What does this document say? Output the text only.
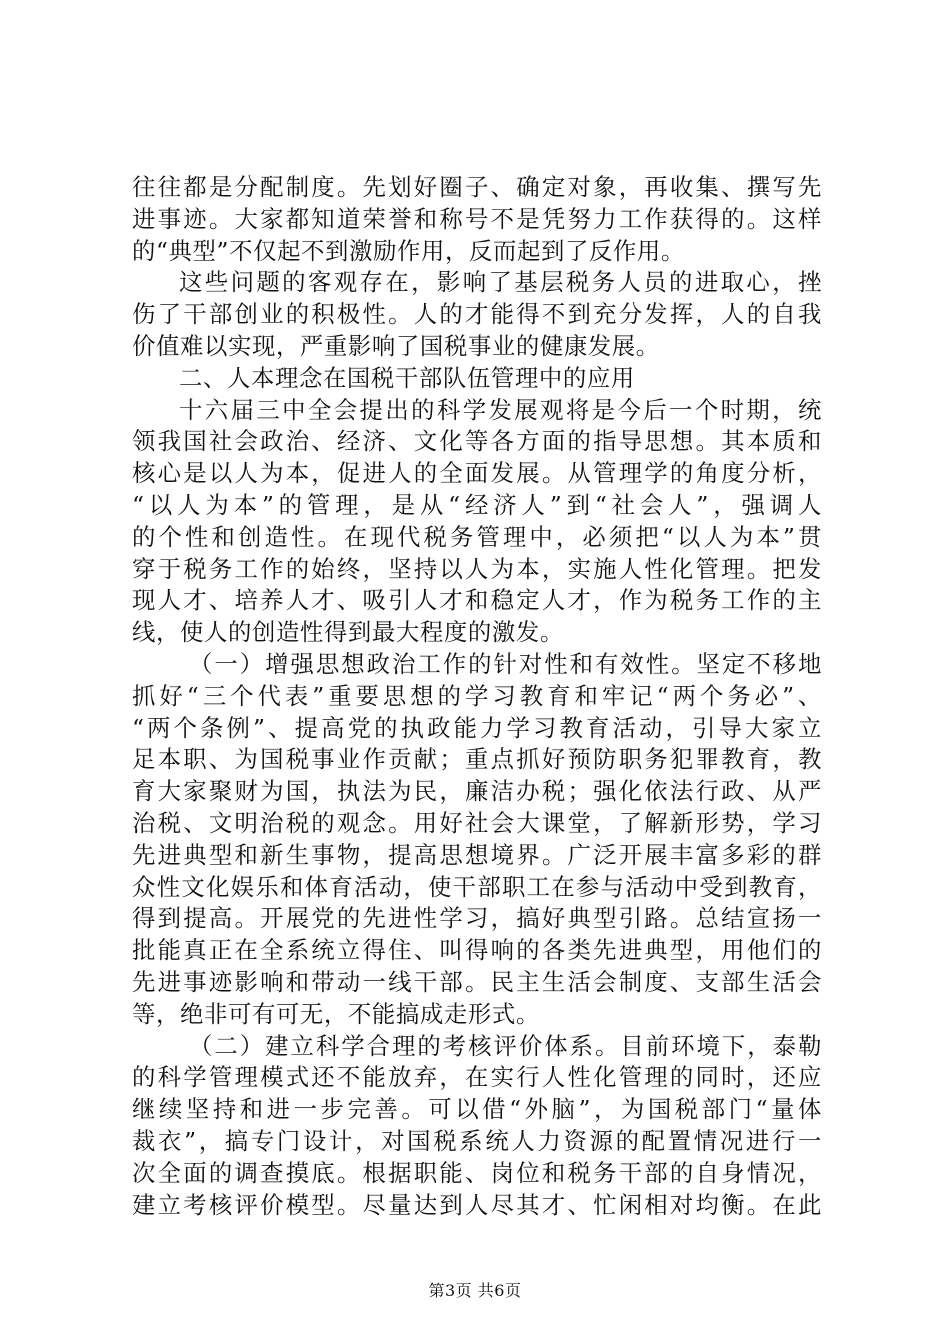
往往都是分配制度。先划好圈子、确定对象，再收集、撰写先
进事迹。大家都知道荣誉和称号不是凭努力工作获得的。这样
的“典型”不仅起不到激励作用，反而起到了反作用。
这些问题的客观存在，影响了基层税务人员的进取心，挫
伤了干部创业的积极性。人的才能得不到充分发挥，人的自我
价值难以实现，严重影响了国税事业的健康发展。
二、人本理念在国税干部队伍管理中的应用
十六届三中全会提出的科学发展观将是今后一个时期，统
领我国社会政治、经济、文化等各方面的指导思想。其本质和
核心是以人为本，促进人的全面发展。从管理学的角度分析，
“以人为本”的管理，是从“经济人”到“社会人”，强调人
的个性和创造性。在现代税务管理中，必须把“以人为本”贯
穿于税务工作的始终，坚持以人为本，实施人性化管理。把发
现人才、培养人才、吸引人才和稳定人才，作为税务工作的主
线，使人的创造性得到最大程度的激发。
（一）增强思想政治工作的针对性和有效性。坚定不移地
抓好“三个代表”重要思想的学习教育和牢记“两个务必”、
“两个条例”、提高党的执政能力学习教育活动，引导大家立
足本职、为国税事业作贡献；重点抓好预防职务犯罪教育，教
育大家聚财为国，执法为民，廉洁办税；强化依法行政、从严
治税、文明治税的观念。用好社会大课堂，了解新形势，学习
先进典型和新生事物，提高思想境界。广泛开展丰富多彩的群
众性文化娱乐和体育活动，使干部职工在参与活动中受到教育，
得到提高。开展党的先进性学习，搞好典型引路。总结宣扬一
批能真正在全系统立得住、叫得响的各类先进典型，用他们的
先进事迹影响和带动一线干部。民主生活会制度、支部生活会
等，绝非可有可无，不能搞成走形式。
（二）建立科学合理的考核评价体系。目前环境下，泰勒
的科学管理模式还不能放弃，在实行人性化管理的同时，还应
继续坚持和进一步完善。可以借“外脑”，为国税部门“量体
裁衣”，搞专门设计，对国税系统人力资源的配置情况进行一
次全面的调查摸底。根据职能、岗位和税务干部的自身情况，
建立考核评价模型。尽量达到人尽其才、忙闲相对均衡。在此
第3页 共6页
